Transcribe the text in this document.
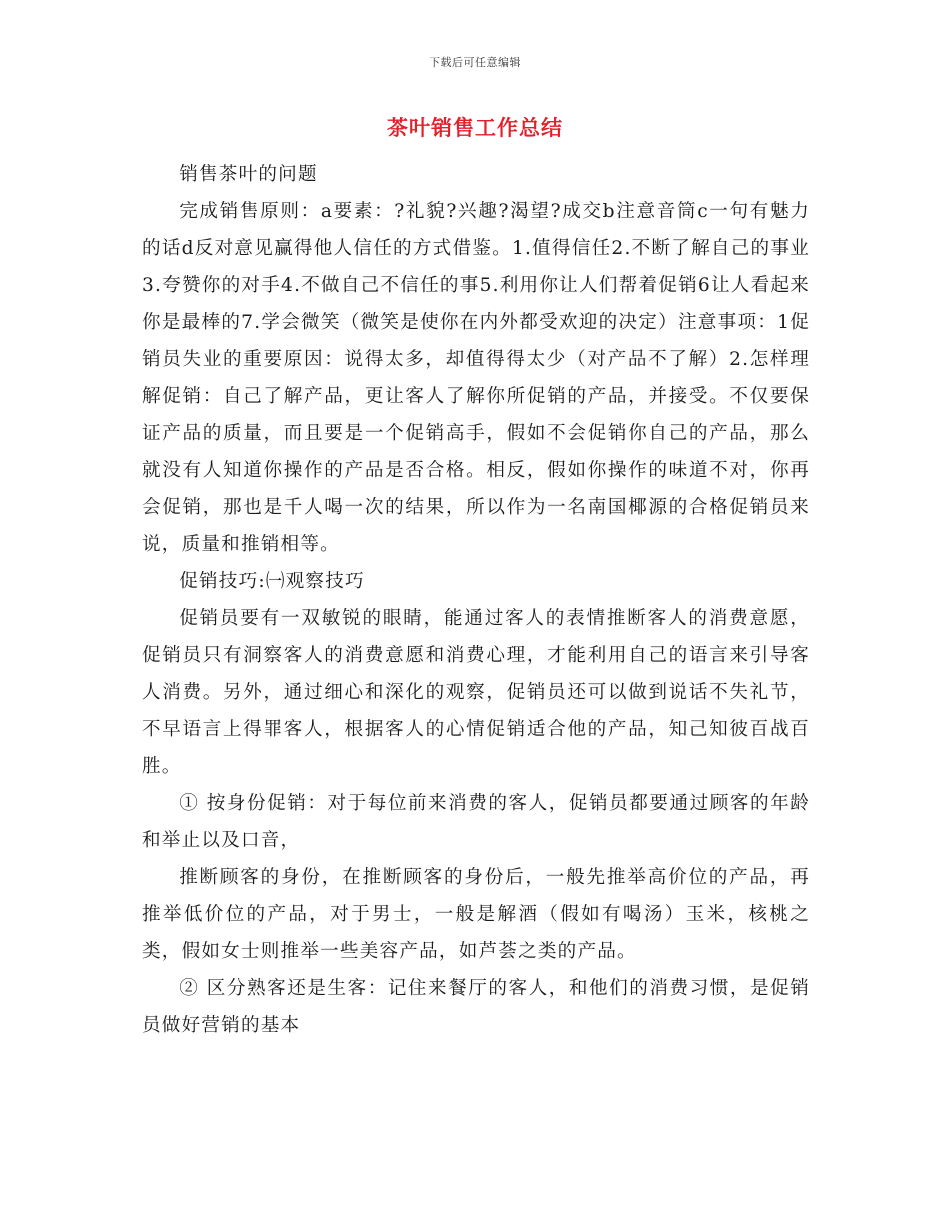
下载后可任意编辑
茶叶销售工作总结

销售茶叶的问题

完成销售原则：a要素：?礼貌?兴趣?渴望?成交b注意音筒c一句有魅力的话d反对意见赢得他人信任的方式借鉴。1.值得信任2.不断了解自己的事业3.夸赞你的对手4.不做自己不信任的事5.利用你让人们帮着促销6让人看起来你是最棒的7.学会微笑（微笑是使你在内外都受欢迎的决定）注意事项：1促销员失业的重要原因：说得太多，却值得得太少（对产品不了解）2.怎样理解促销：自己了解产品，更让客人了解你所促销的产品，并接受。不仅要保证产品的质量，而且要是一个促销高手，假如不会促销你自己的产品，那么就没有人知道你操作的产品是否合格。相反，假如你操作的味道不对，你再会促销，那也是千人喝一次的结果，所以作为一名南国椰源的合格促销员来说，质量和推销相等。

促销技巧:㈠观察技巧

促销员要有一双敏锐的眼睛，能通过客人的表情推断客人的消费意愿，促销员只有洞察客人的消费意愿和消费心理，才能利用自己的语言来引导客人消费。另外，通过细心和深化的观察，促销员还可以做到说话不失礼节，不早语言上得罪客人，根据客人的心情促销适合他的产品，知己知彼百战百胜。

① 按身份促销：对于每位前来消费的客人，促销员都要通过顾客的年龄和举止以及口音，

推断顾客的身份，在推断顾客的身份后，一般先推举高价位的产品，再推举低价位的产品，对于男士，一般是解酒（假如有喝汤）玉米，核桃之类，假如女士则推举一些美容产品，如芦荟之类的产品。

② 区分熟客还是生客：记住来餐厅的客人，和他们的消费习惯，是促销员做好营销的基本
